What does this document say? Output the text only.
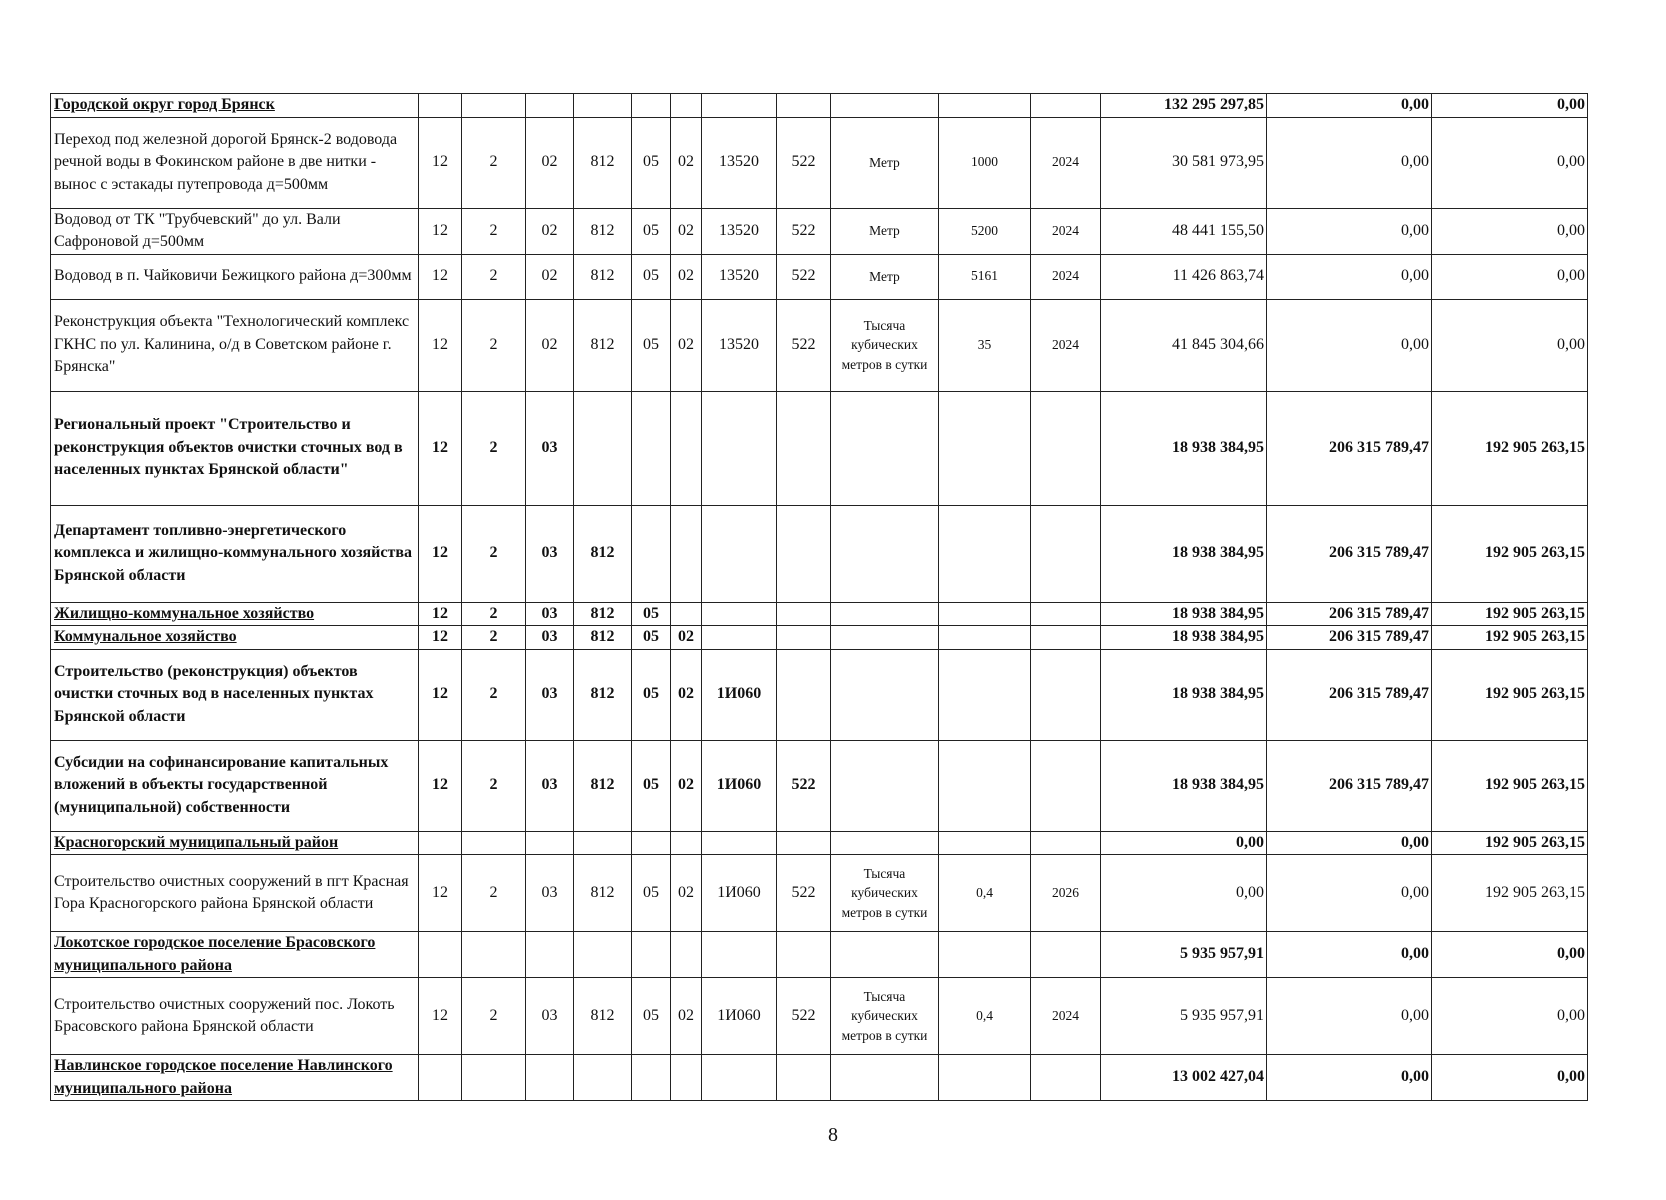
Городской округ город Брянск												132 295 297,85	0,00	0,00
Переход под железной дорогой Брянск-2 водовода речной воды в Фокинском районе в две нитки - вынос с эстакады путепровода д=500мм	12	2	02	812	05	02	13520	522	Метр	1000	2024	30 581 973,95	0,00	0,00
Водовод от ТК "Трубчевский" до ул. Вали Сафроновой д=500мм	12	2	02	812	05	02	13520	522	Метр	5200	2024	48 441 155,50	0,00	0,00
Водовод в п. Чайковичи Бежицкого района д=300мм	12	2	02	812	05	02	13520	522	Метр	5161	2024	11 426 863,74	0,00	0,00
Реконструкция объекта "Технологический комплекс ГКНС по ул. Калинина, о/д в Советском районе г. Брянска"	12	2	02	812	05	02	13520	522	Тысяча кубических метров в сутки	35	2024	41 845 304,66	0,00	0,00
Региональный проект "Строительство и реконструкция объектов очистки сточных вод в населенных пунктах Брянской области"	12	2	03									18 938 384,95	206 315 789,47	192 905 263,15
Департамент топливно-энергетического комплекса и жилищно-коммунального хозяйства Брянской области	12	2	03	812								18 938 384,95	206 315 789,47	192 905 263,15
Жилищно-коммунальное хозяйство	12	2	03	812	05							18 938 384,95	206 315 789,47	192 905 263,15
Коммунальное хозяйство	12	2	03	812	05	02						18 938 384,95	206 315 789,47	192 905 263,15
Строительство (реконструкция) объектов очистки сточных вод в населенных пунктах Брянской области	12	2	03	812	05	02	1И060					18 938 384,95	206 315 789,47	192 905 263,15
Субсидии на софинансирование капитальных вложений в объекты государственной (муниципальной) собственности	12	2	03	812	05	02	1И060	522				18 938 384,95	206 315 789,47	192 905 263,15
Красногорский муниципальный район												0,00	0,00	192 905 263,15
Строительство очистных сооружений в пгт Красная Гора Красногорского района Брянской области	12	2	03	812	05	02	1И060	522	Тысяча кубических метров в сутки	0,4	2026	0,00	0,00	192 905 263,15
Локотское городское поселение Брасовского муниципального района												5 935 957,91	0,00	0,00
Строительство очистных сооружений пос. Локоть Брасовского района Брянской области	12	2	03	812	05	02	1И060	522	Тысяча кубических метров в сутки	0,4	2024	5 935 957,91	0,00	0,00
Навлинское городское поселение Навлинского муниципального района												13 002 427,04	0,00	0,00
8
